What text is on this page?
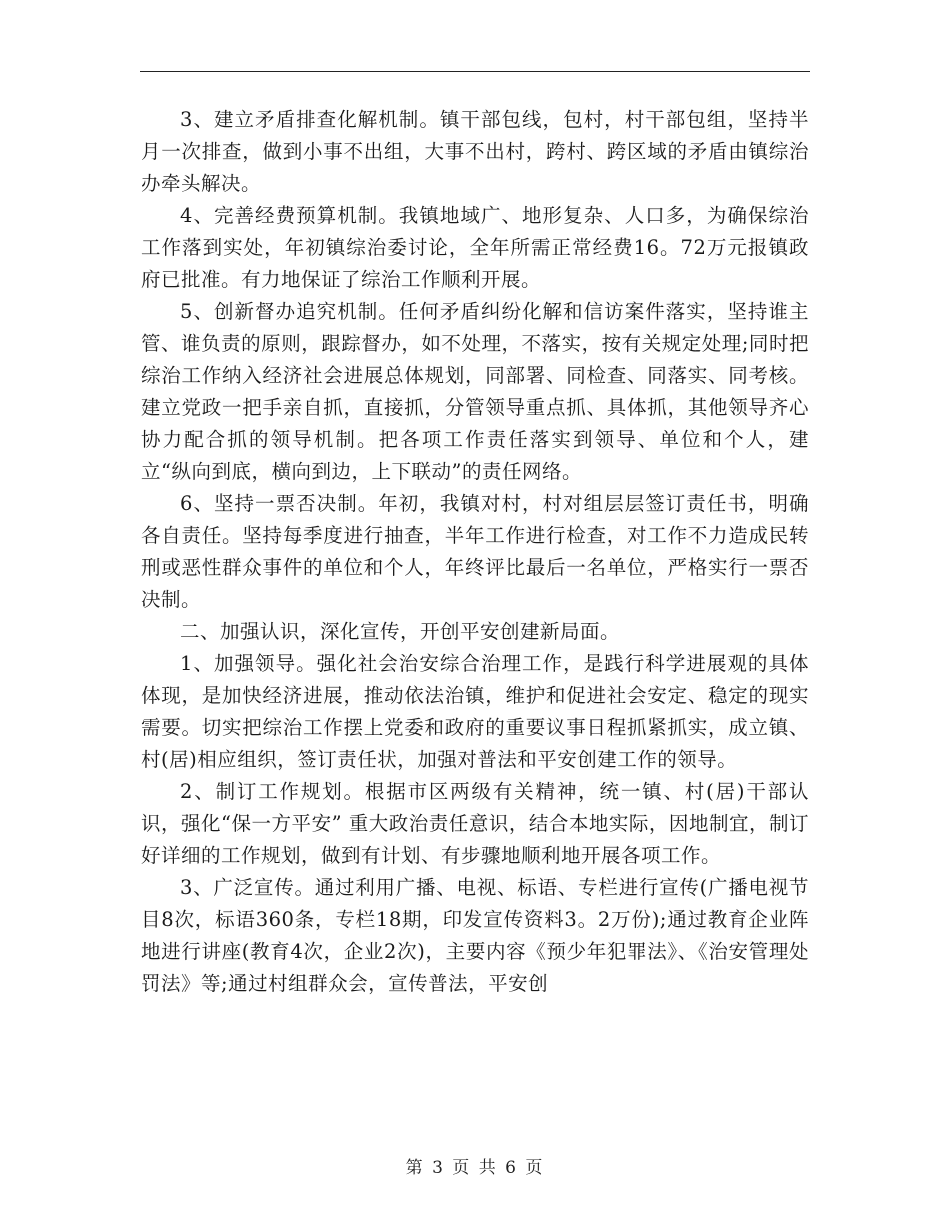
3、建立矛盾排查化解机制。镇干部包线，包村，村干部包组，坚持半月一次排查，做到小事不出组，大事不出村，跨村、跨区域的矛盾由镇综治办牵头解决。

4、完善经费预算机制。我镇地域广、地形复杂、人口多，为确保综治工作落到实处，年初镇综治委讨论，全年所需正常经费16。72万元报镇政府已批准。有力地保证了综治工作顺利开展。

5、创新督办追究机制。任何矛盾纠纷化解和信访案件落实，坚持谁主管、谁负责的原则，跟踪督办，如不处理，不落实，按有关规定处理;同时把综治工作纳入经济社会进展总体规划，同部署、同检查、同落实、同考核。建立党政一把手亲自抓，直接抓，分管领导重点抓、具体抓，其他领导齐心协力配合抓的领导机制。把各项工作责任落实到领导、单位和个人，建立“纵向到底，横向到边，上下联动”的责任网络。

6、坚持一票否决制。年初，我镇对村，村对组层层签订责任书，明确各自责任。坚持每季度进行抽查，半年工作进行检查，对工作不力造成民转刑或恶性群众事件的单位和个人，年终评比最后一名单位，严格实行一票否决制。

二、加强认识，深化宣传，开创平安创建新局面。

1、加强领导。强化社会治安综合治理工作，是践行科学进展观的具体体现，是加快经济进展，推动依法治镇，维护和促进社会安定、稳定的现实需要。切实把综治工作摆上党委和政府的重要议事日程抓紧抓实，成立镇、村(居)相应组织，签订责任状，加强对普法和平安创建工作的领导。

2、制订工作规划。根据市区两级有关精神，统一镇、村(居)干部认识，强化“保一方平安” 重大政治责任意识，结合本地实际，因地制宜，制订好详细的工作规划，做到有计划、有步骤地顺利地开展各项工作。

3、广泛宣传。通过利用广播、电视、标语、专栏进行宣传(广播电视节目8次，标语360条，专栏18期，印发宣传资料3。2万份);通过教育企业阵地进行讲座(教育4次，企业2次)，主要内容《预少年犯罪法》、《治安管理处罚法》等;通过村组群众会，宣传普法，平安创

第 3 页 共 6 页
